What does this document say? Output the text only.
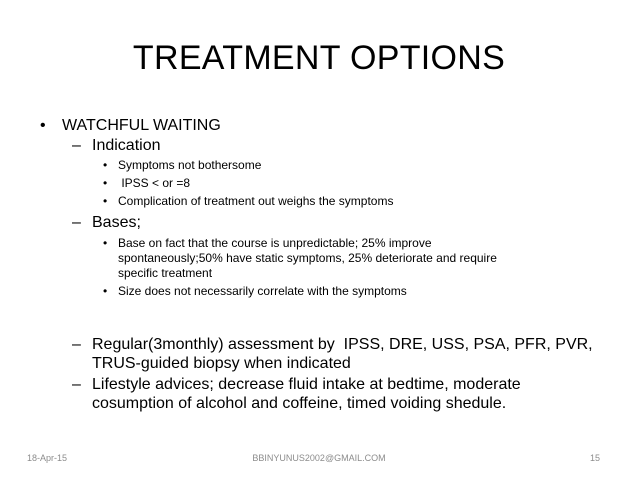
TREATMENT OPTIONS
• WATCHFUL WAITING
– Indication
• Symptoms not bothersome
• IPSS < or =8
• Complication of treatment out weighs the symptoms
– Bases;
• Base on fact that the course is unpredictable; 25% improve
spontaneously;50% have static symptoms, 25% deteriorate and require
specific treatment
• Size does not necessarily correlate with the symptoms
– Regular(3monthly) assessment by  IPSS, DRE, USS, PSA, PFR, PVR,
TRUS-guided biopsy when indicated
– Lifestyle advices; decrease fluid intake at bedtime, moderate
cosumption of alcohol and coffeine, timed voiding shedule.
18-Apr-15	BBINYUNUS2002@GMAIL.COM	15
